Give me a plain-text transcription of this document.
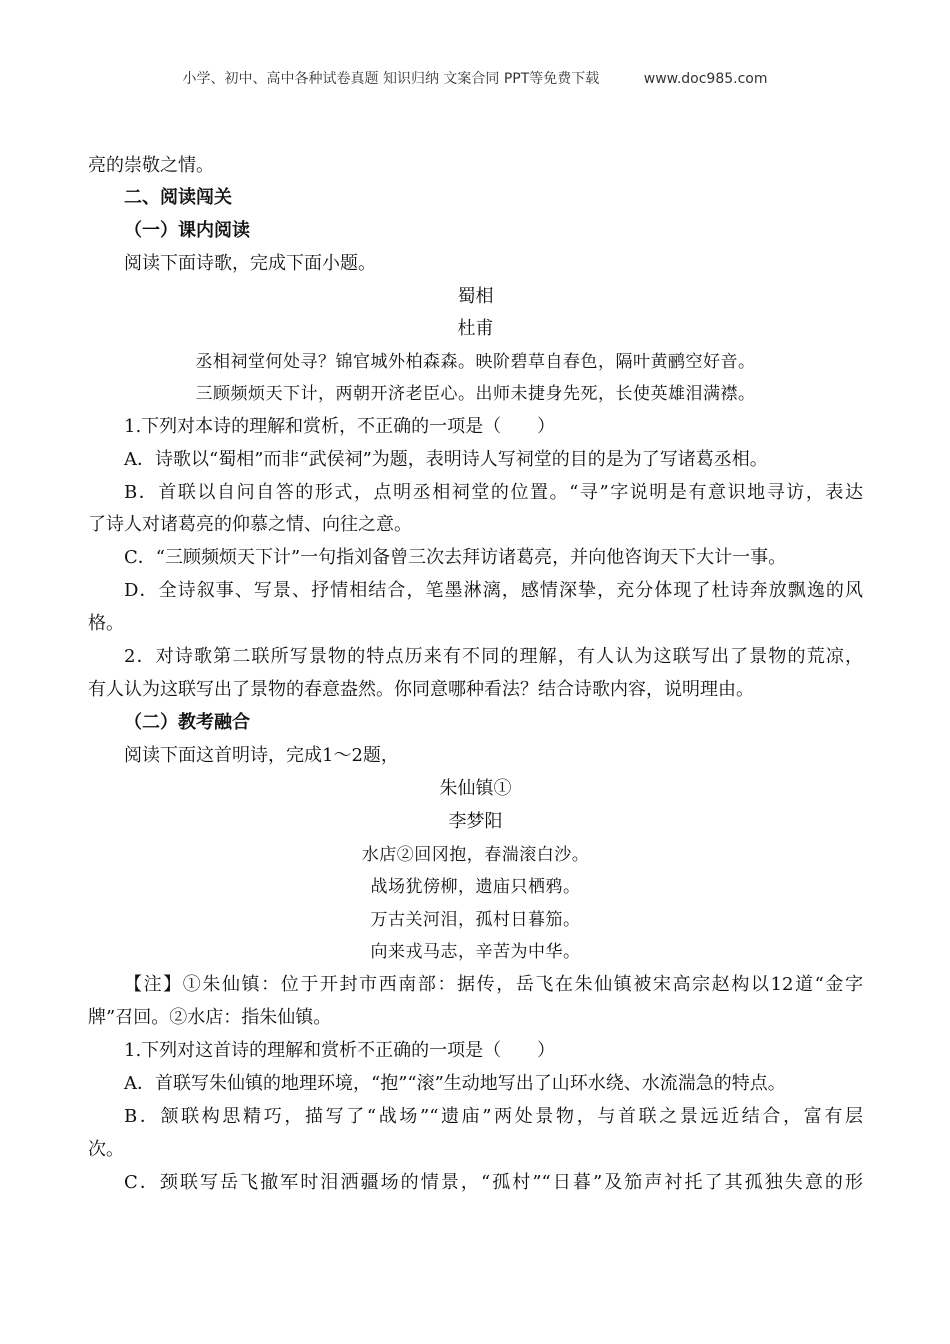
小学、初中、高中各种试卷真题 知识归纳 文案合同 PPT等免费下载	www.doc985.com
亮的崇敬之情。
二、阅读闯关
（一）课内阅读
阅读下面诗歌，完成下面小题。
蜀相
杜甫
丞相祠堂何处寻？锦官城外柏森森。映阶碧草自春色，隔叶黄鹂空好音。
三顾频烦天下计，两朝开济老臣心。出师未捷身先死，长使英雄泪满襟。
1.下列对本诗的理解和赏析，不正确的一项是（　　）
A．诗歌以“蜀相”而非“武侯祠”为题，表明诗人写祠堂的目的是为了写诸葛丞相。
B．首联以自问自答的形式，点明丞相祠堂的位置。“寻”字说明是有意识地寻访，表达
了诗人对诸葛亮的仰慕之情、向往之意。
C．“三顾频烦天下计”一句指刘备曾三次去拜访诸葛亮，并向他咨询天下大计一事。
D．全诗叙事、写景、抒情相结合，笔墨淋漓，感情深挚，充分体现了杜诗奔放飘逸的风
格。
2．对诗歌第二联所写景物的特点历来有不同的理解，有人认为这联写出了景物的荒凉，
有人认为这联写出了景物的春意盎然。你同意哪种看法？结合诗歌内容，说明理由。
（二）教考融合
阅读下面这首明诗，完成1～2题，
朱仙镇①
李梦阳
水店②回冈抱，春湍滚白沙。
战场犹傍柳，遗庙只栖鸦。
万古关河泪，孤村日暮笳。
向来戎马志，辛苦为中华。
【注】①朱仙镇：位于开封市西南部：据传，岳飞在朱仙镇被宋高宗赵构以12道“金字
牌”召回。②水店：指朱仙镇。
1.下列对这首诗的理解和赏析不正确的一项是（　　）
A．首联写朱仙镇的地理环境，“抱”“滚”生动地写出了山环水绕、水流湍急的特点。
B．颔联构思精巧，描写了“战场”“遗庙”两处景物，与首联之景远近结合，富有层
次。
C．颈联写岳飞撤军时泪洒疆场的情景，“孤村”“日暮”及笳声衬托了其孤独失意的形
